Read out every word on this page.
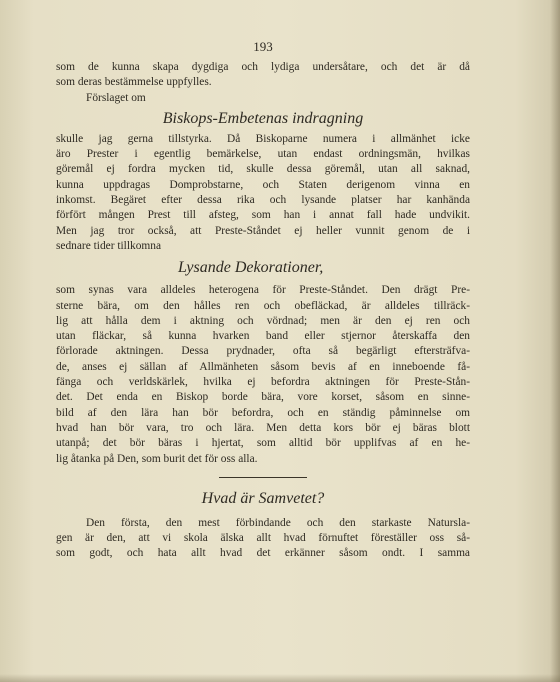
193
som de kunna skapa dygdiga och lydiga undersåtare, och det är då
som deras bestämmelse uppfylles.
Förslaget om
Biskops-Embetenas indragning
skulle jag gerna tillstyrka. Då Biskoparne numera i allmänhet icke
äro Prester i egentlig bemärkelse, utan endast ordningsmän, hvilkas
göremål ej fordra mycken tid, skulle dessa göremål, utan all saknad,
kunna uppdragas Domprobstarne, och Staten derigenom vinna en
inkomst. Begäret efter dessa rika och lysande platser har kanhända
förfört mången Prest till afsteg, som han i annat fall hade undvikit.
Men jag tror också, att Preste-Ståndet ej heller vunnit genom de i
sednare tider tillkomna
Lysande Dekorationer,
som synas vara alldeles heterogena för Preste-Ståndet. Den drägt Pre-
sterne bära, om den hålles ren och obefläckad, är alldeles tillräck-
lig att hålla dem i aktning och vördnad; men är den ej ren och
utan fläckar, så kunna hvarken band eller stjernor återskaffa den
förlorade aktningen. Dessa prydnader, ofta så begärligt eftersträfva-
de, anses ej sällan af Allmänheten såsom bevis af en inneboende få-
fänga och verldskärlek, hvilka ej befordra aktningen för Preste-Stån-
det. Det enda en Biskop borde bära, vore korset, såsom en sinne-
bild af den lära han bör befordra, och en ständig påminnelse om
hvad han bör vara, tro och lära. Men detta kors bör ej bäras blott
utanpå; det bör bäras i hjertat, som alltid bör upplifvas af en he-
lig åtanka på Den, som burit det för oss alla.
Hvad är Samvetet?
Den första, den mest förbindande och den starkaste Natursla-
gen är den, att vi skola älska allt hvad förnuftet föreställer oss så-
som godt, och hata allt hvad det erkänner såsom ondt. I samma
